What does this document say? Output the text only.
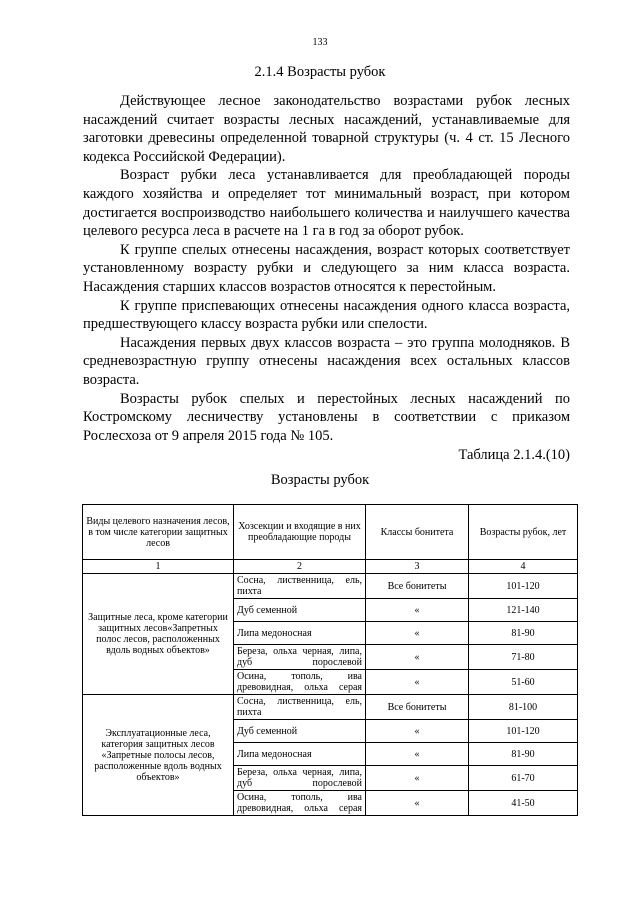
133
2.1.4 Возрасты рубок

Действующее лесное законодательство возрастами рубок лесных насаждений считает возрасты лесных насаждений, устанавливаемые для заготовки древесины определенной товарной структуры (ч. 4 ст. 15 Лесного кодекса Российской Федерации).

Возраст рубки леса устанавливается для преобладающей породы каждого хозяйства и определяет тот минимальный возраст, при котором достигается воспроизводство наибольшего количества и наилучшего качества целевого ресурса леса в расчете на 1 га в год за оборот рубок.

К группе спелых отнесены насаждения, возраст которых соответствует установленному возрасту рубки и следующего за ним класса возраста. Насаждения старших классов возрастов относятся к перестойным.

К группе приспевающих отнесены насаждения одного класса возраста, предшествующего классу возраста рубки или спелости.

Насаждения первых двух классов возраста – это группа молодняков. В средневозрастную группу отнесены насаждения всех остальных классов возраста.

Возрасты рубок спелых и перестойных лесных насаждений по Костромскому лесничеству установлены в соответствии с приказом Рослесхоза от 9 апреля 2015 года № 105.

Таблица 2.1.4.(10)
Возрасты рубок
Виды целевого назначения лесов, в том числе категории защитных лесов	Хозсекции и входящие в них преобладающие породы	Классы бонитета	Возрасты рубок, лет
1	2	3	4
Защитные леса, кроме категории защитных лесов«Запретных полос лесов, расположенных вдоль водных объектов»	Сосна, лиственница, ель, пихта	Все бонитеты	101-120
	Дуб семенной	«	121-140
	Липа медоносная	«	81-90
	Береза, ольха черная, липа, дуб порослевой	«	71-80
	Осина, тополь, ива древовидная, ольха серая	«	51-60
Эксплуатационные леса, категория защитных лесов «Запретные полосы лесов, расположенные вдоль водных объектов»	Сосна, лиственница, ель, пихта	Все бонитеты	81-100
	Дуб семенной	«	101-120
	Липа медоносная	«	81-90
	Береза, ольха черная, липа, дуб порослевой	«	61-70
	Осина, тополь, ива древовидная, ольха серая	«	41-50
